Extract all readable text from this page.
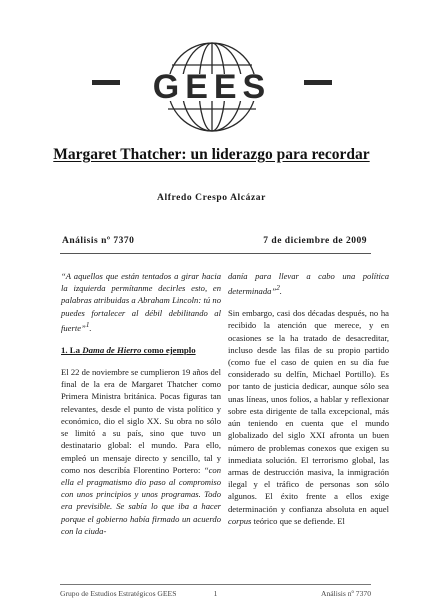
GEES
Margaret Thatcher: un liderazgo para recordar
Alfredo Crespo Alcázar
Análisis nº 7370	7 de diciembre de 2009

“A aquellos que están tentados a girar hacia la izquierda permítanme decirles esto, en palabras atribuidas a Abraham Lincoln: tú no puedes fortalecer al débil debilitando al fuerte”$^1$.

1. La Dama de Hierro como ejemplo

El 22 de noviembre se cumplieron 19 años del final de la era de Margaret Thatcher como Primera Ministra británica. Pocas figuras tan relevantes, desde el punto de vista político y económico, dio el siglo XX. Su obra no sólo se limitó a su país, sino que tuvo un destinatario global: el mundo. Para ello, empleó un mensaje directo y sencillo, tal y como nos describía Florentino Portero: “con ella el pragmatismo dio paso al compromiso con unos principios y unos programas. Todo era previsible. Se sabía lo que iba a hacer porque el gobierno había firmado un acuerdo con la ciuda-

danía para llevar a cabo una política determinada”$^2$.

Sin embargo, casi dos décadas después, no ha recibido la atención que merece, y en ocasiones se la ha tratado de desacreditar, incluso desde las filas de su propio partido (como fue el caso de quien en su día fue considerado su delfín, Michael Portillo). Es por tanto de justicia dedicar, aunque sólo sea unas líneas, unos folios, a hablar y reflexionar sobre esta dirigente de talla excepcional, más aún teniendo en cuenta que el mundo globalizado del siglo XXI afronta un buen número de problemas conexos que exigen su inmediata solución. El terrorismo global, las armas de destrucción masiva, la inmigración ilegal y el tráfico de personas son sólo algunos. El éxito frente a ellos exige determinación y confianza absoluta en aquel corpus teórico que se defiende. El

Grupo de Estudios Estratégicos GEES	1	Análisis nº 7370
